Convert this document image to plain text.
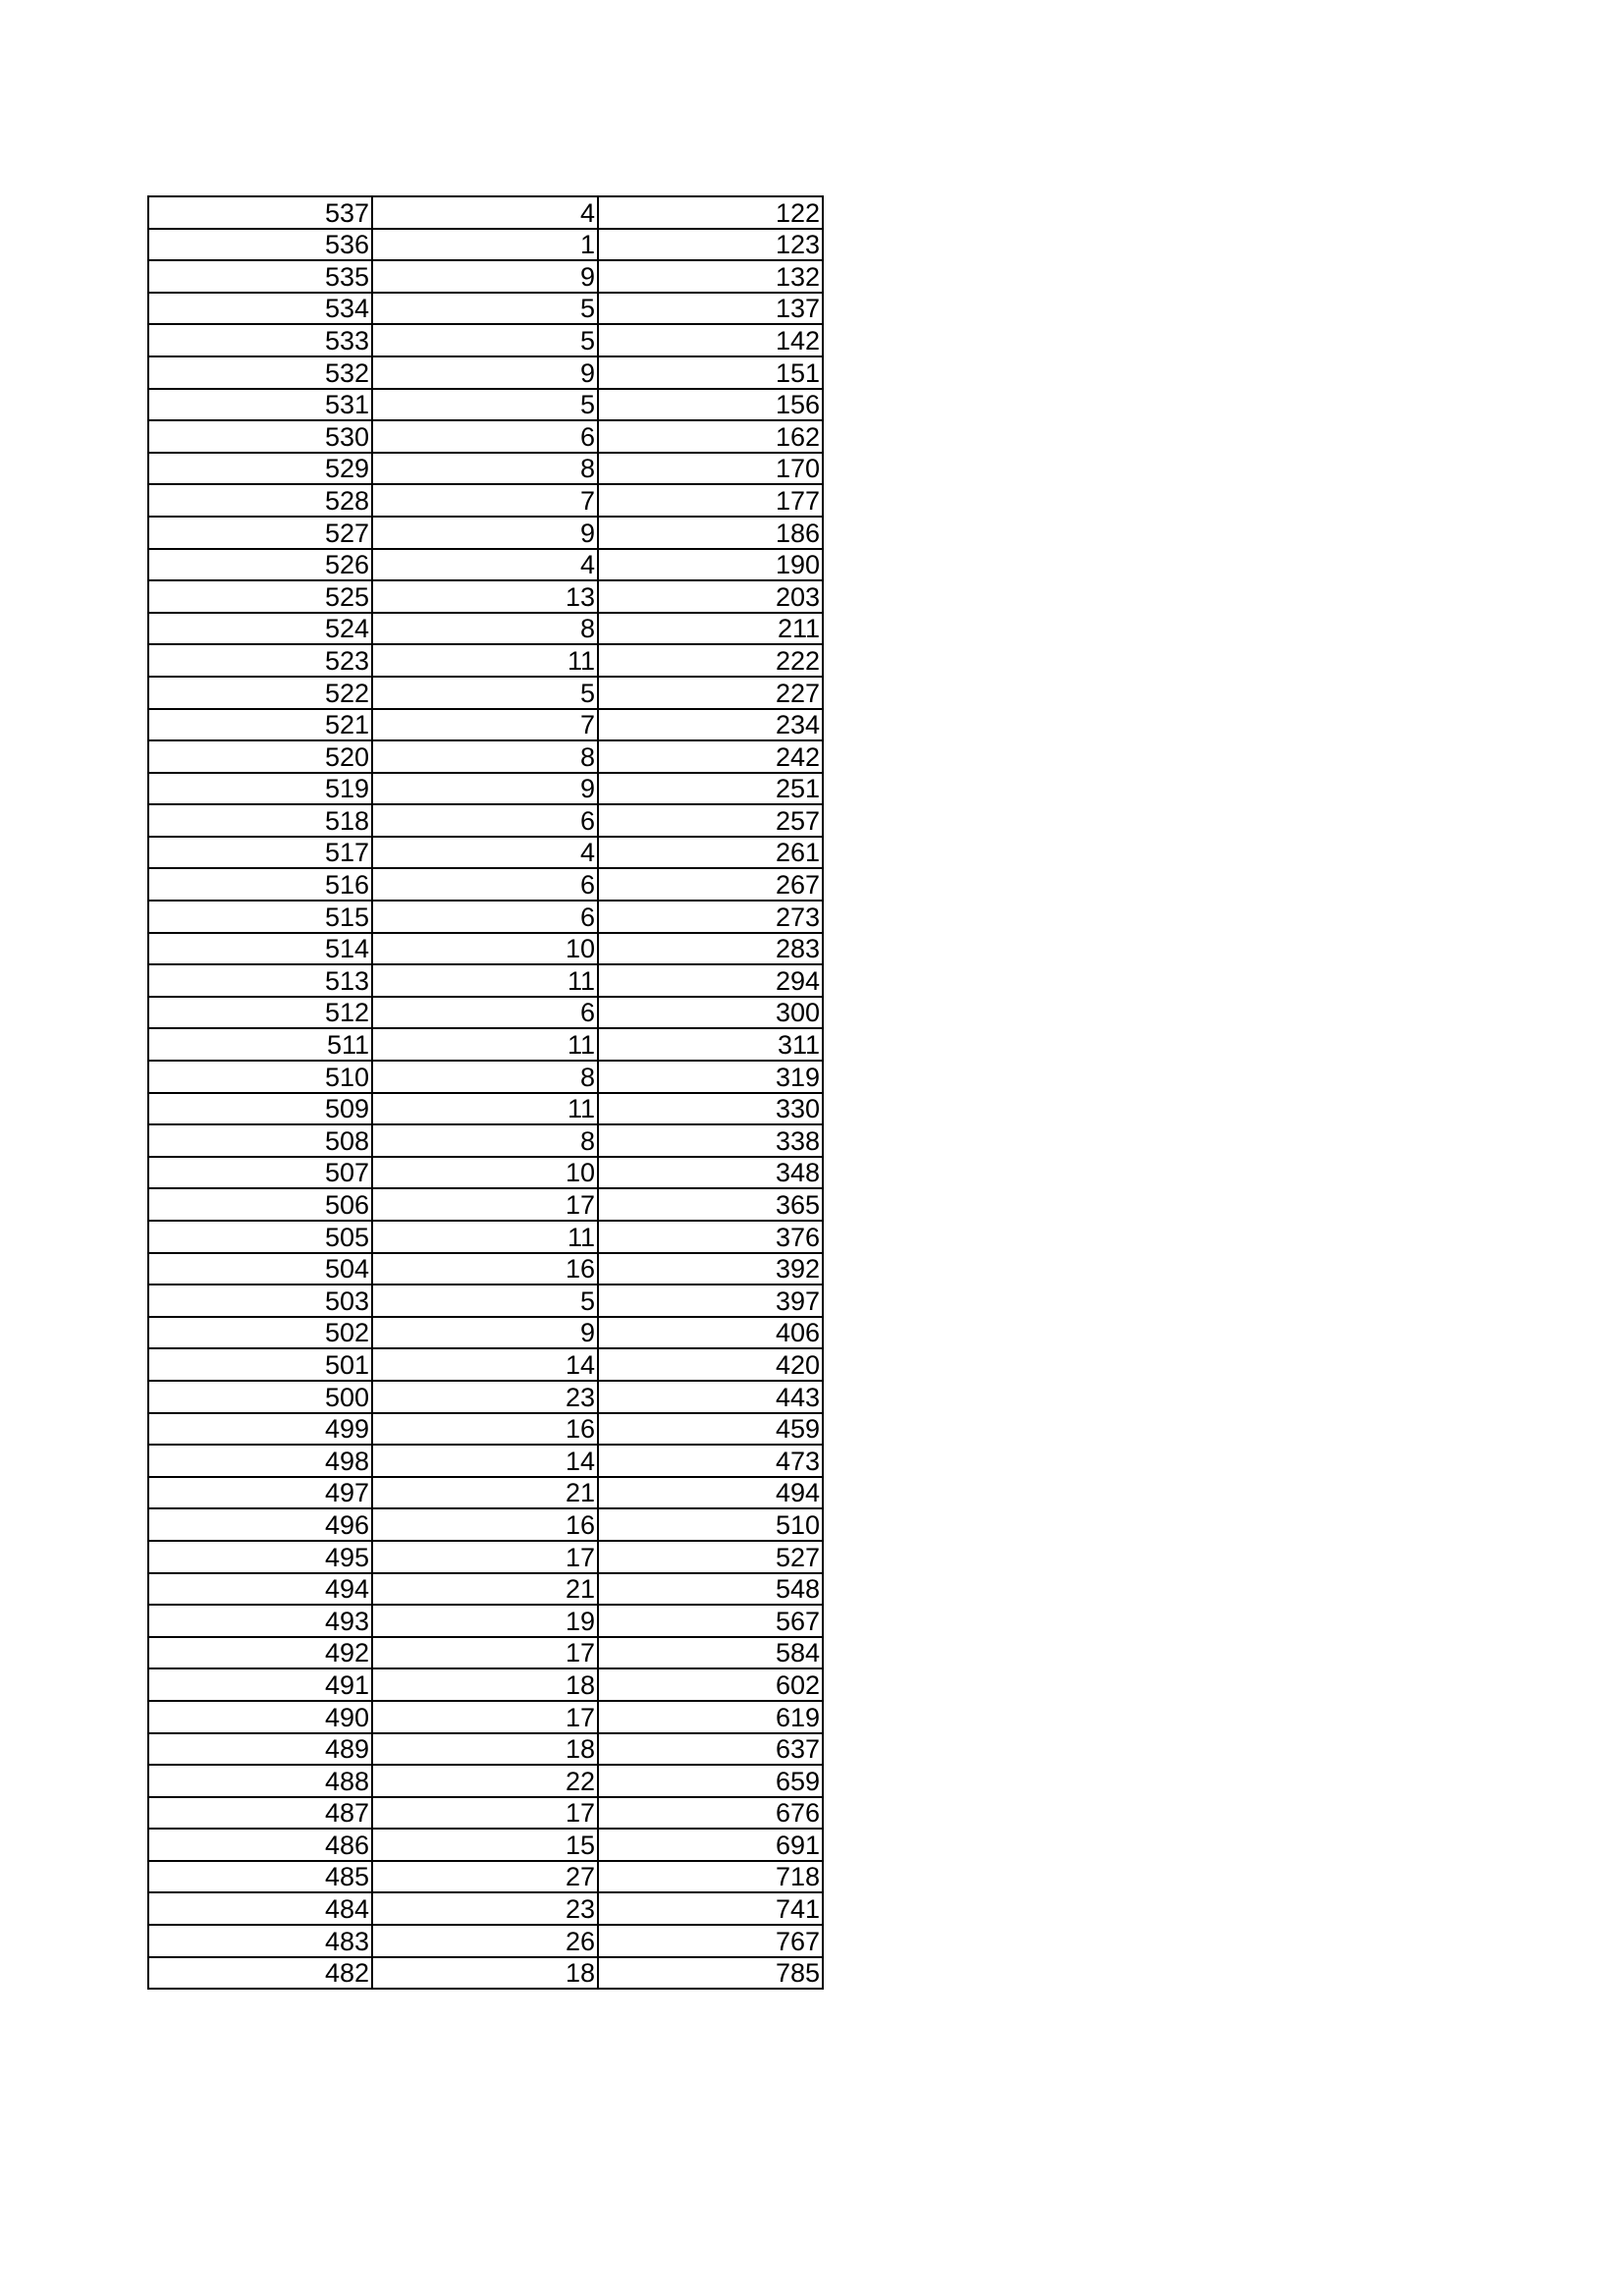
537	4	122
536	1	123
535	9	132
534	5	137
533	5	142
532	9	151
531	5	156
530	6	162
529	8	170
528	7	177
527	9	186
526	4	190
525	13	203
524	8	211
523	11	222
522	5	227
521	7	234
520	8	242
519	9	251
518	6	257
517	4	261
516	6	267
515	6	273
514	10	283
513	11	294
512	6	300
511	11	311
510	8	319
509	11	330
508	8	338
507	10	348
506	17	365
505	11	376
504	16	392
503	5	397
502	9	406
501	14	420
500	23	443
499	16	459
498	14	473
497	21	494
496	16	510
495	17	527
494	21	548
493	19	567
492	17	584
491	18	602
490	17	619
489	18	637
488	22	659
487	17	676
486	15	691
485	27	718
484	23	741
483	26	767
482	18	785
